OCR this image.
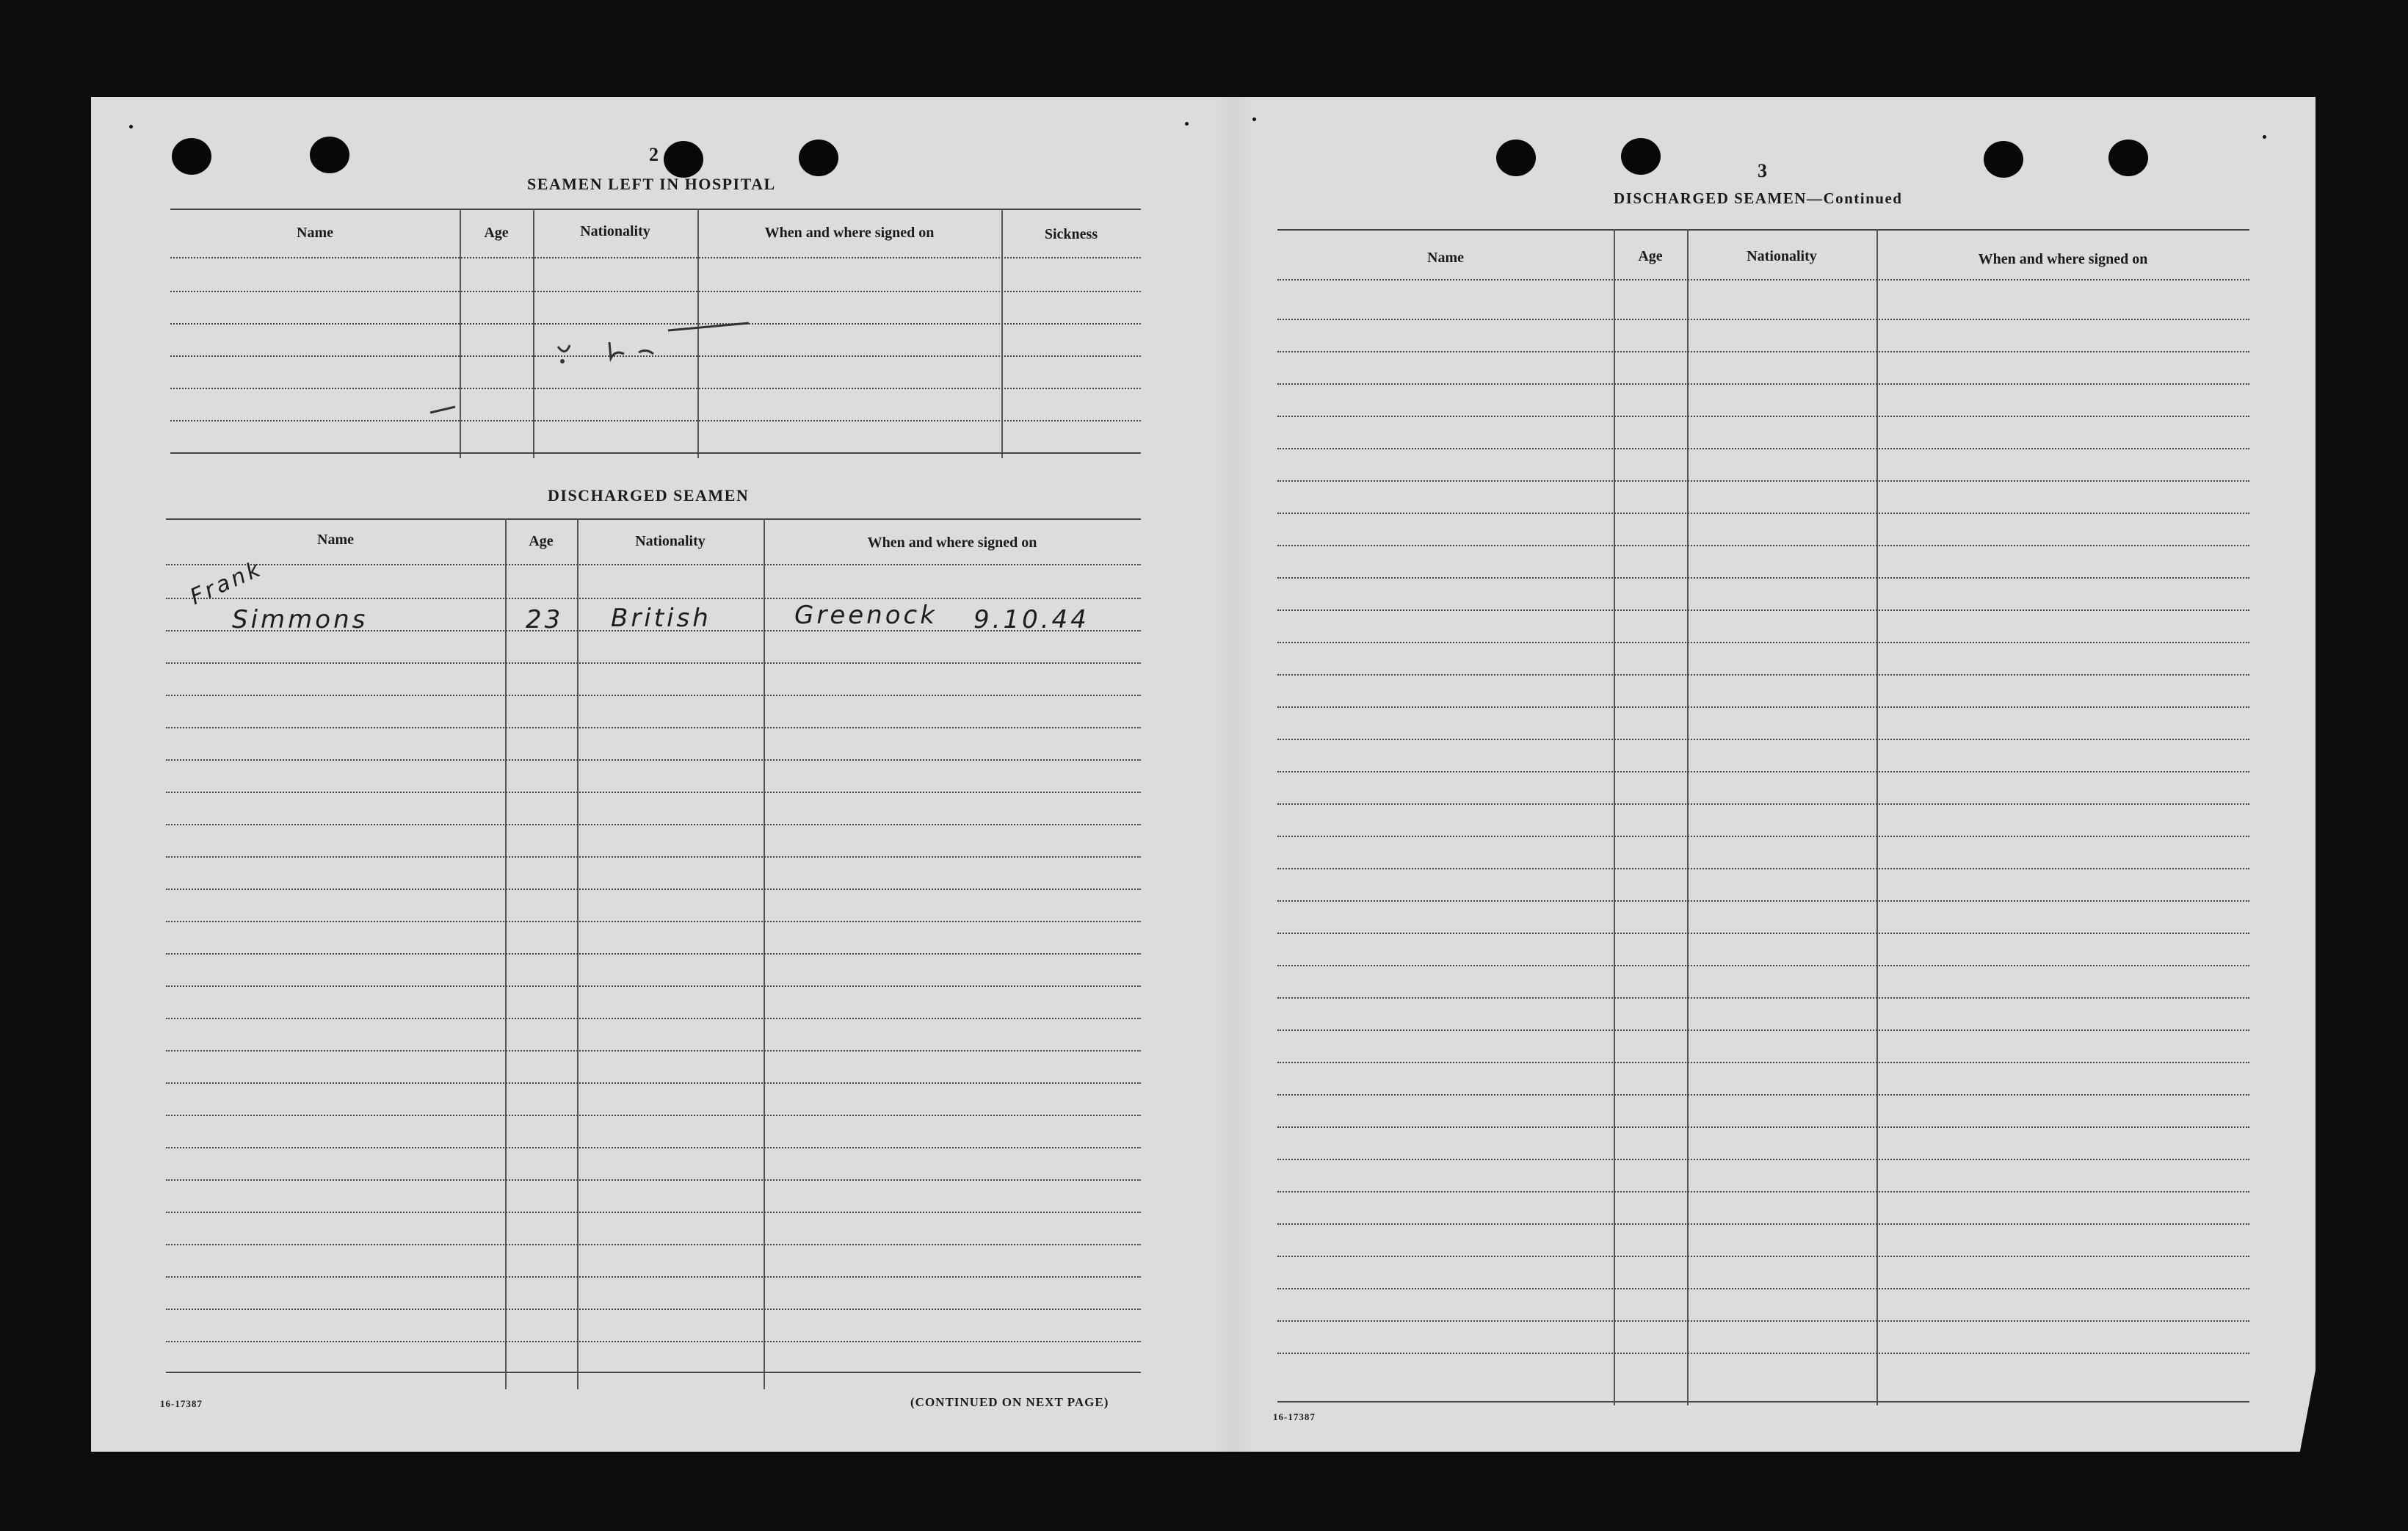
2
SEAMEN LEFT IN HOSPITAL
Name	Age	Nationality	When and where signed on	Sickness
DISCHARGED SEAMEN
Name	Age	Nationality	When and where signed on
Frank
Simmons	23 British	Greenock 9.10.44
16-17387	(CONTINUED ON NEXT PAGE)
3
DISCHARGED SEAMEN—Continued
Name	Age	Nationality	When and where signed on
16-17387
